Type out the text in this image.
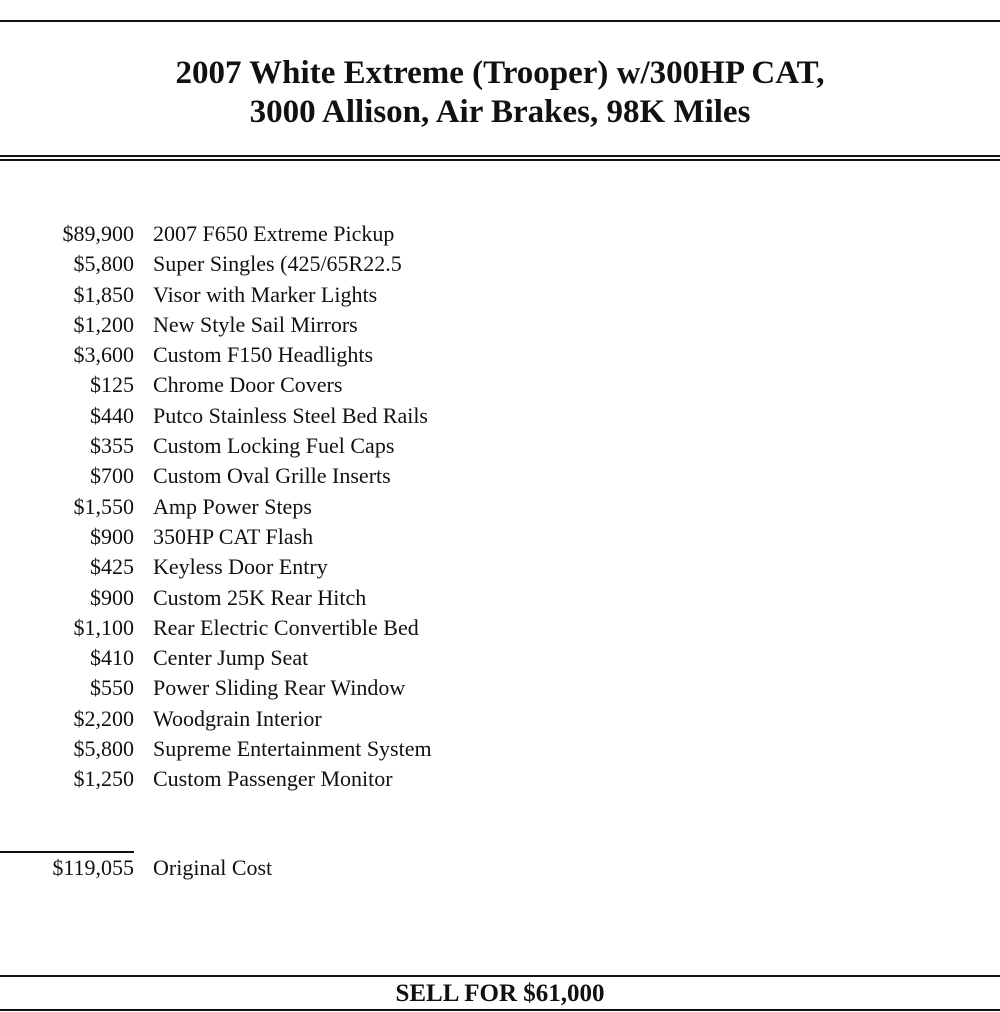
2007 White Extreme (Trooper) w/300HP CAT,
3000 Allison, Air Brakes, 98K Miles
$89,900 2007 F650 Extreme Pickup
$5,800 Super Singles (425/65R22.5
$1,850 Visor with Marker Lights
$1,200 New Style Sail Mirrors
$3,600 Custom F150 Headlights
$125 Chrome Door Covers
$440 Putco Stainless Steel Bed Rails
$355 Custom Locking Fuel Caps
$700 Custom Oval Grille Inserts
$1,550 Amp Power Steps
$900 350HP CAT Flash
$425 Keyless Door Entry
$900 Custom 25K Rear Hitch
$1,100 Rear Electric Convertible Bed
$410 Center Jump Seat
$550 Power Sliding Rear Window
$2,200 Woodgrain Interior
$5,800 Supreme Entertainment System
$1,250 Custom Passenger Monitor
$119,055 Original Cost
SELL FOR $61,000
